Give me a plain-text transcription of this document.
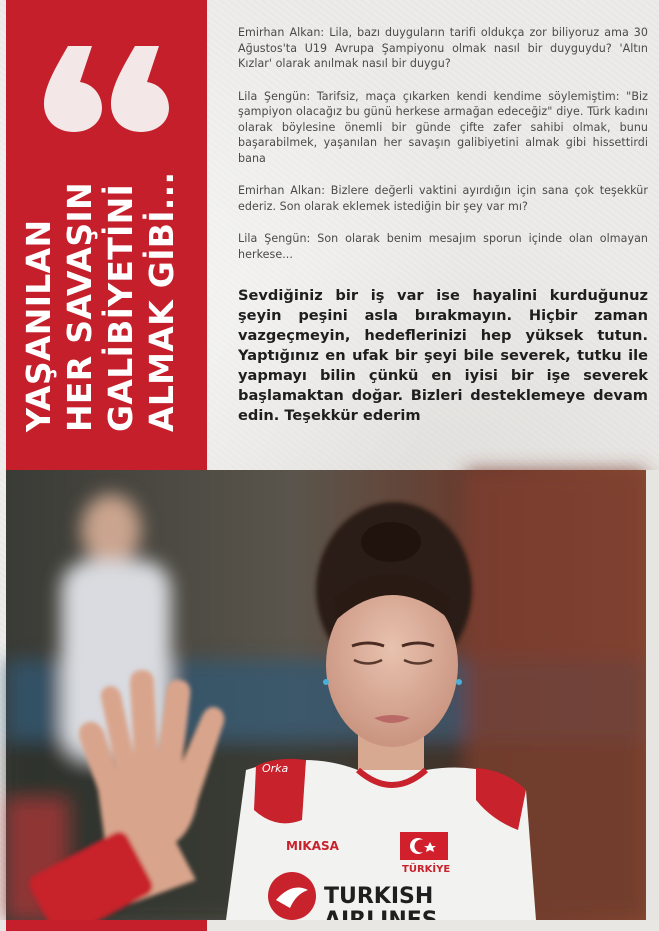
YAŞANILAN HER SAVAŞIN GALİBİYETİNİ ALMAK GİBİ...

Emirhan Alkan: Lila, bazı duyguların tarifi oldukça zor biliyoruz ama 30 Ağustos'ta U19 Avrupa Şampiyonu olmak nasıl bir duyguydu? 'Altın Kızlar' olarak anılmak nasıl bir duygu?

Lila Şengün: Tarifsiz, maça çıkarken kendi kendime söylemiştim: "Biz şampiyon olacağız bu günü herkese armağan edeceğiz" diye. Türk kadını olarak böylesine önemli bir günde çifte zafer sahibi olmak, bunu başarabilmek, yaşanılan her savaşın galibiyetini almak gibi hissettirdi bana

Emirhan Alkan: Bizlere değerli vaktini ayırdığın için sana çok teşekkür ederiz. Son olarak eklemek istediğin bir şey var mı?

Lila Şengün: Son olarak benim mesajım sporun içinde olan olmayan herkese...

Sevdiğiniz bir iş var ise hayalini kurduğunuz şeyin peşini asla bırakmayın. Hiçbir zaman vazgeçmeyin, hedeflerinizi hep yüksek tutun. Yaptığınız en ufak bir şeyi bile severek, tutku ile yapmayı bilin çünkü en iyisi bir işe severek başlamaktan doğar. Bizleri desteklemeye devam edin. Teşekkür ederim
TÜRKİYE
MIKASA
Orka
TURKISH
